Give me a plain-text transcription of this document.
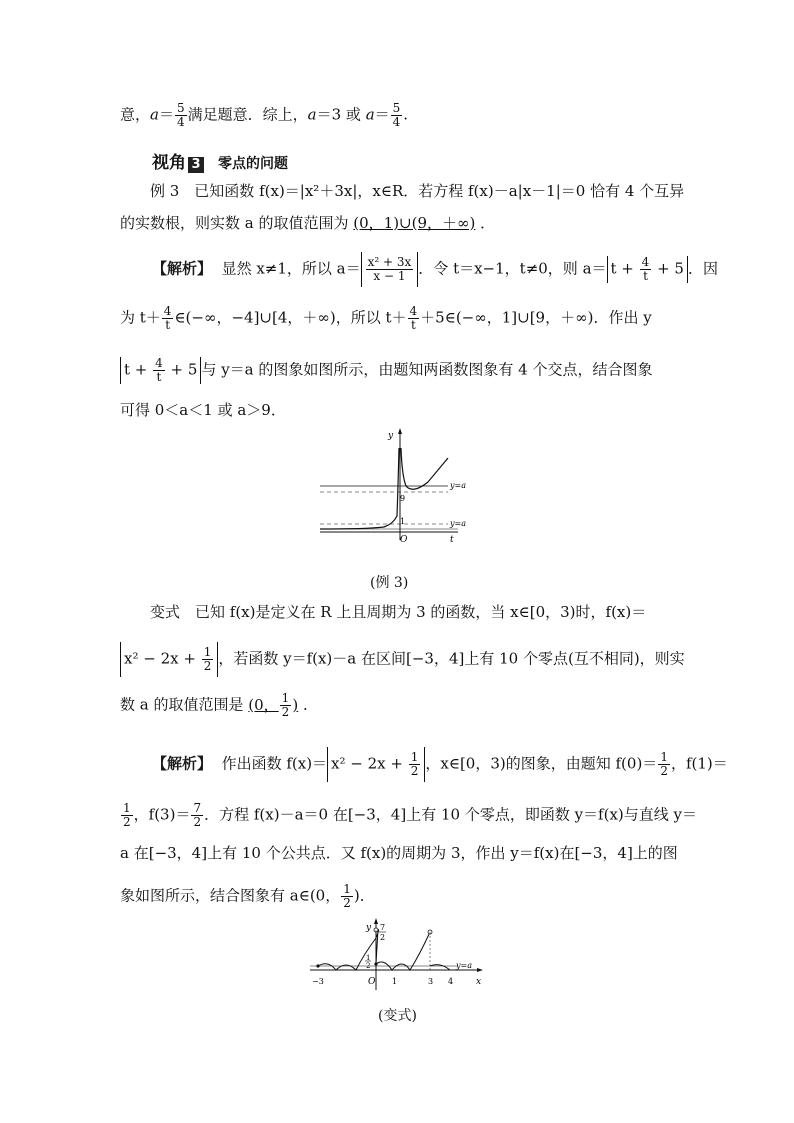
意，$a= \frac{5}{4}$ 满足题意．综上，a＝3 或 $a= \frac{5}{4}$ .
视角 3 零点的问题
例 3　已知函数 f(x)＝|x²＋3x|，x∈R．若方程 f(x)－a|x－1|＝0 恰有 4 个互异
的实数根，则实数 a 的取值范围为 (0，1)∪(9，＋∞) ．
【解析】 显然 x≠1，所以 $a= \frac{\text{x² + 3x}}{x - 1}$ ．令 t＝x−1，t≠0，则 $a= t + \frac{4}{t} + 5$ ．因
为 $t+ \frac{4}{t}$ ∈(−∞，−4]∪[4，＋∞)，所以 $t+ \frac{4}{t}$ ＋5∈(−∞，1]∪[9，＋∞)．作出 y
$t + \frac{4}{t} + 5$ 与 y＝a 的图象如图所示，由题知两函数图象有 4 个交点，结合图象
可得 0＜a＜1 或 a＞9．
y
t
O
9
1
y=a
y=a
(例 3)
变式　已知 f(x)是定义在 R 上且周期为 3 的函数，当 x∈[0，3)时，f(x)＝
$x^2 - 2x + \frac{1}{2}$ ，若函数 y＝f(x)－a 在区间[−3，4]上有 10 个零点(互不相同)，则实
数 a 的取值范围是 (0， $\frac{1}{2}$ ) ．
【解析】 作出函数 $f(x)= x^2 - 2x + \frac{1}{2}$ ，x∈[0，3)的图象，由题知 $f(0)= \frac{1}{2}$ ，f(1)＝
$\frac{1}{2}$ ，$f(3)= \frac{7}{2}$ ．方程 f(x)－a＝0 在[−3，4]上有 10 个零点，即函数 y＝f(x)与直线 y＝
a 在[−3，4]上有 10 个公共点．又 f(x)的周期为 3，作出 y＝f(x)在[−3，4]上的图
象如图所示，结合图象有 a∈(0， $\frac{1}{2}$ )．
y
x
O
−3	1	3 4
7
2
1
2	y=a
(变式)
